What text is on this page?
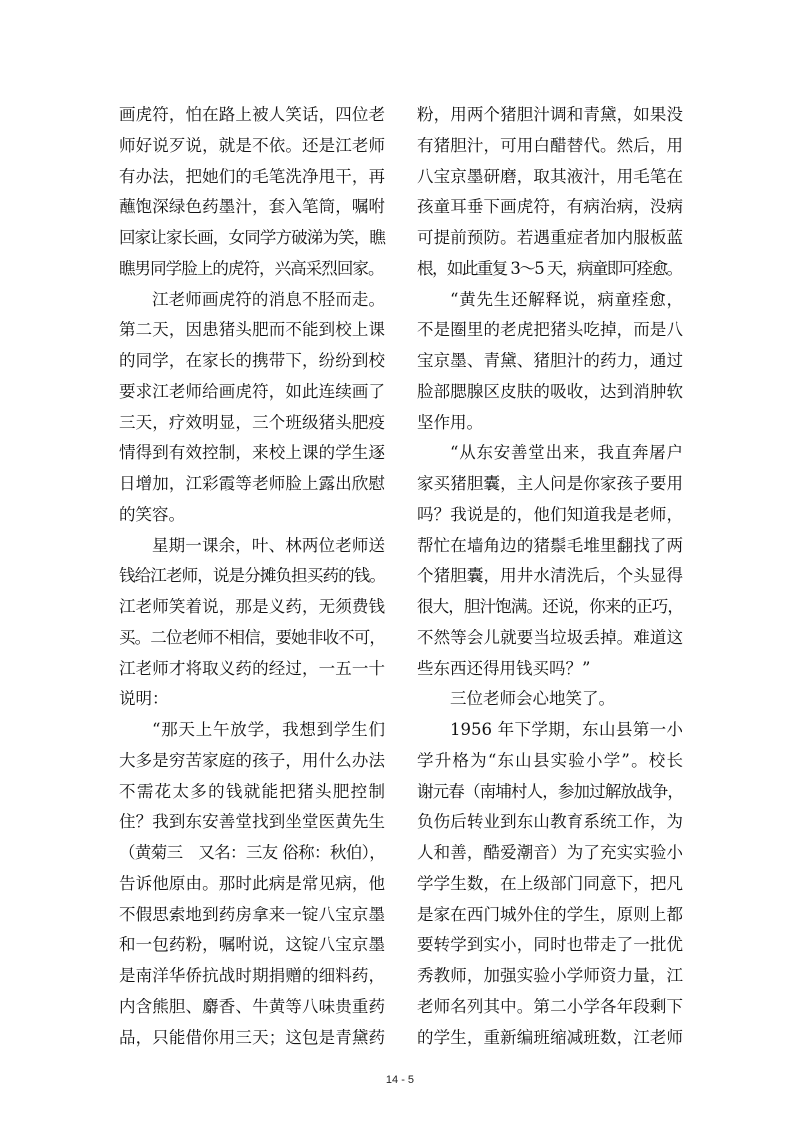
画虎符，怕在路上被人笑话，四位老
师好说歹说，就是不依。还是江老师
有办法，把她们的毛笔洗净甩干，再
蘸饱深绿色药墨汁，套入笔筒，嘱咐
回家让家长画，女同学方破涕为笑，瞧
瞧男同学脸上的虎符，兴高采烈回家。
江老师画虎符的消息不胫而走。
第二天，因患猪头肥而不能到校上课
的同学，在家长的携带下，纷纷到校
要求江老师给画虎符，如此连续画了
三天，疗效明显，三个班级猪头肥疫
情得到有效控制，来校上课的学生逐
日增加，江彩霞等老师脸上露出欣慰
的笑容。
星期一课余，叶、林两位老师送
钱给江老师，说是分摊负担买药的钱。
江老师笑着说，那是义药，无须费钱
买。二位老师不相信，要她非收不可，
江老师才将取义药的经过，一五一十
说明：
“那天上午放学，我想到学生们
大多是穷苦家庭的孩子，用什么办法
不需花太多的钱就能把猪头肥控制
住？我到东安善堂找到坐堂医黄先生
（黄菊三　又名：三友 俗称：秋伯），
告诉他原由。那时此病是常见病，他
不假思索地到药房拿来一锭八宝京墨
和一包药粉，嘱咐说，这锭八宝京墨
是南洋华侨抗战时期捐赠的细料药，
内含熊胆、麝香、牛黄等八味贵重药
品，只能借你用三天；这包是青黛药
粉，用两个猪胆汁调和青黛，如果没
有猪胆汁，可用白醋替代。然后，用
八宝京墨研磨，取其液汁，用毛笔在
孩童耳垂下画虎符，有病治病，没病
可提前预防。若遇重症者加内服板蓝
根，如此重复 3～5 天，病童即可痊愈。
“黄先生还解释说，病童痊愈，
不是圈里的老虎把猪头吃掉，而是八
宝京墨、青黛、猪胆汁的药力，通过
脸部腮腺区皮肤的吸收，达到消肿软
坚作用。
“从东安善堂出来，我直奔屠户
家买猪胆囊，主人问是你家孩子要用
吗？我说是的，他们知道我是老师，
帮忙在墙角边的猪鬃毛堆里翻找了两
个猪胆囊，用井水清洗后，个头显得
很大，胆汁饱满。还说，你来的正巧，
不然等会儿就要当垃圾丢掉。难道这
些东西还得用钱买吗？”
三位老师会心地笑了。
1956 年下学期，东山县第一小
学升格为“东山县实验小学”。校长
谢元春（南埔村人，参加过解放战争，
负伤后转业到东山教育系统工作，为
人和善，酷爱潮音）为了充实实验小
学学生数，在上级部门同意下，把凡
是家在西门城外住的学生，原则上都
要转学到实小，同时也带走了一批优
秀教师，加强实验小学师资力量，江
老师名列其中。第二小学各年段剩下
的学生，重新编班缩减班数，江老师
14 - 5
